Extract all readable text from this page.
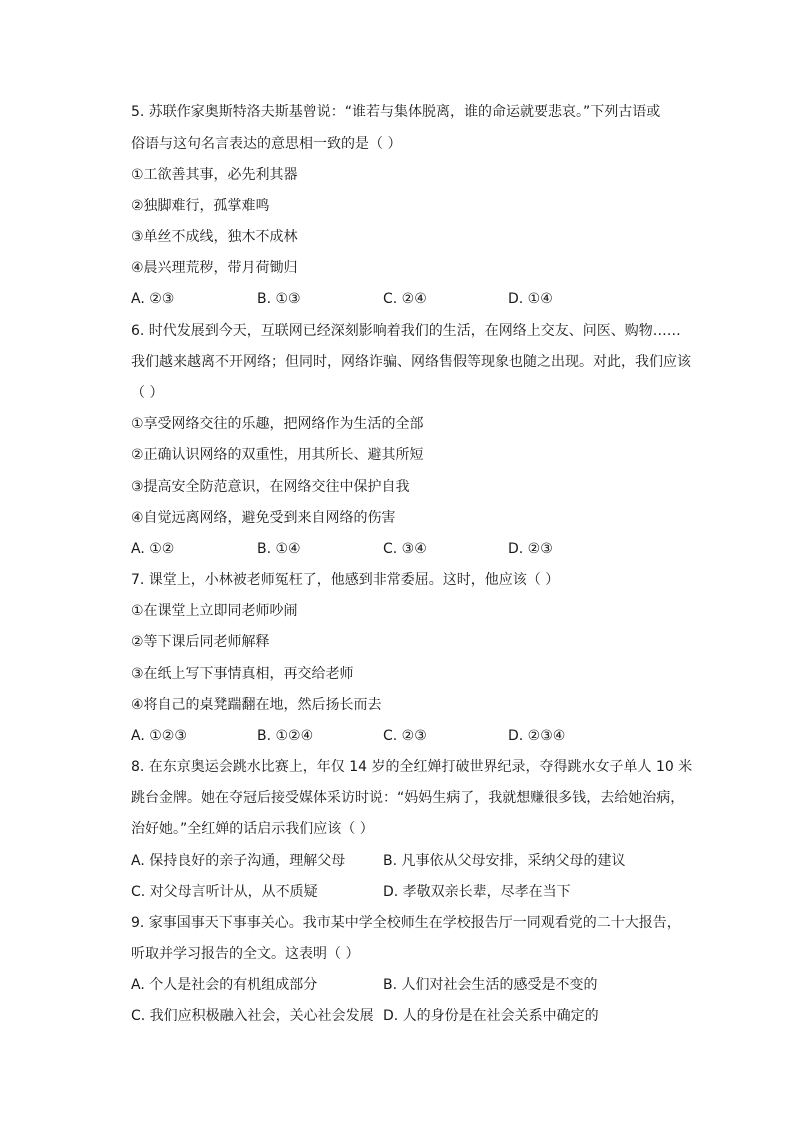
5. 苏联作家奥斯特洛夫斯基曾说：“谁若与集体脱离，谁的命运就要悲哀。”下列古语或
俗语与这句名言表达的意思相一致的是（ ）
①工欲善其事，必先利其器
②独脚难行，孤掌难鸣
③单丝不成线，独木不成林
④晨兴理荒秽，带月荷锄归
A. ②③	B. ①③	C. ②④	D. ①④
6. 时代发展到今天，互联网已经深刻影响着我们的生活，在网络上交友、问医、购物……
我们越来越离不开网络；但同时，网络诈骗、网络售假等现象也随之出现。对此，我们应该
（ ）
①享受网络交往的乐趣，把网络作为生活的全部
②正确认识网络的双重性，用其所长、避其所短
③提高安全防范意识，在网络交往中保护自我
④自觉远离网络，避免受到来自网络的伤害
A. ①②	B. ①④	C. ③④	D. ②③
7. 课堂上，小林被老师冤枉了，他感到非常委屈。这时，他应该（ ）
①在课堂上立即同老师吵闹
②等下课后同老师解释
③在纸上写下事情真相，再交给老师
④将自己的桌凳踹翻在地，然后扬长而去
A. ①②③	B. ①②④	C. ②③	D. ②③④
8. 在东京奥运会跳水比赛上，年仅 14 岁的全红婵打破世界纪录，夺得跳水女子单人 10 米
跳台金牌。她在夺冠后接受媒体采访时说：“妈妈生病了，我就想赚很多钱，去给她治病，
治好她。”全红婵的话启示我们应该（ ）
A. 保持良好的亲子沟通，理解父母	B. 凡事依从父母安排，采纳父母的建议
C. 对父母言听计从，从不质疑	D. 孝敬双亲长辈，尽孝在当下
9. 家事国事天下事事关心。我市某中学全校师生在学校报告厅一同观看党的二十大报告，
听取并学习报告的全文。这表明（ ）
A. 个人是社会的有机组成部分	B. 人们对社会生活的感受是不变的
C. 我们应积极融入社会，关心社会发展 D. 人的身份是在社会关系中确定的
